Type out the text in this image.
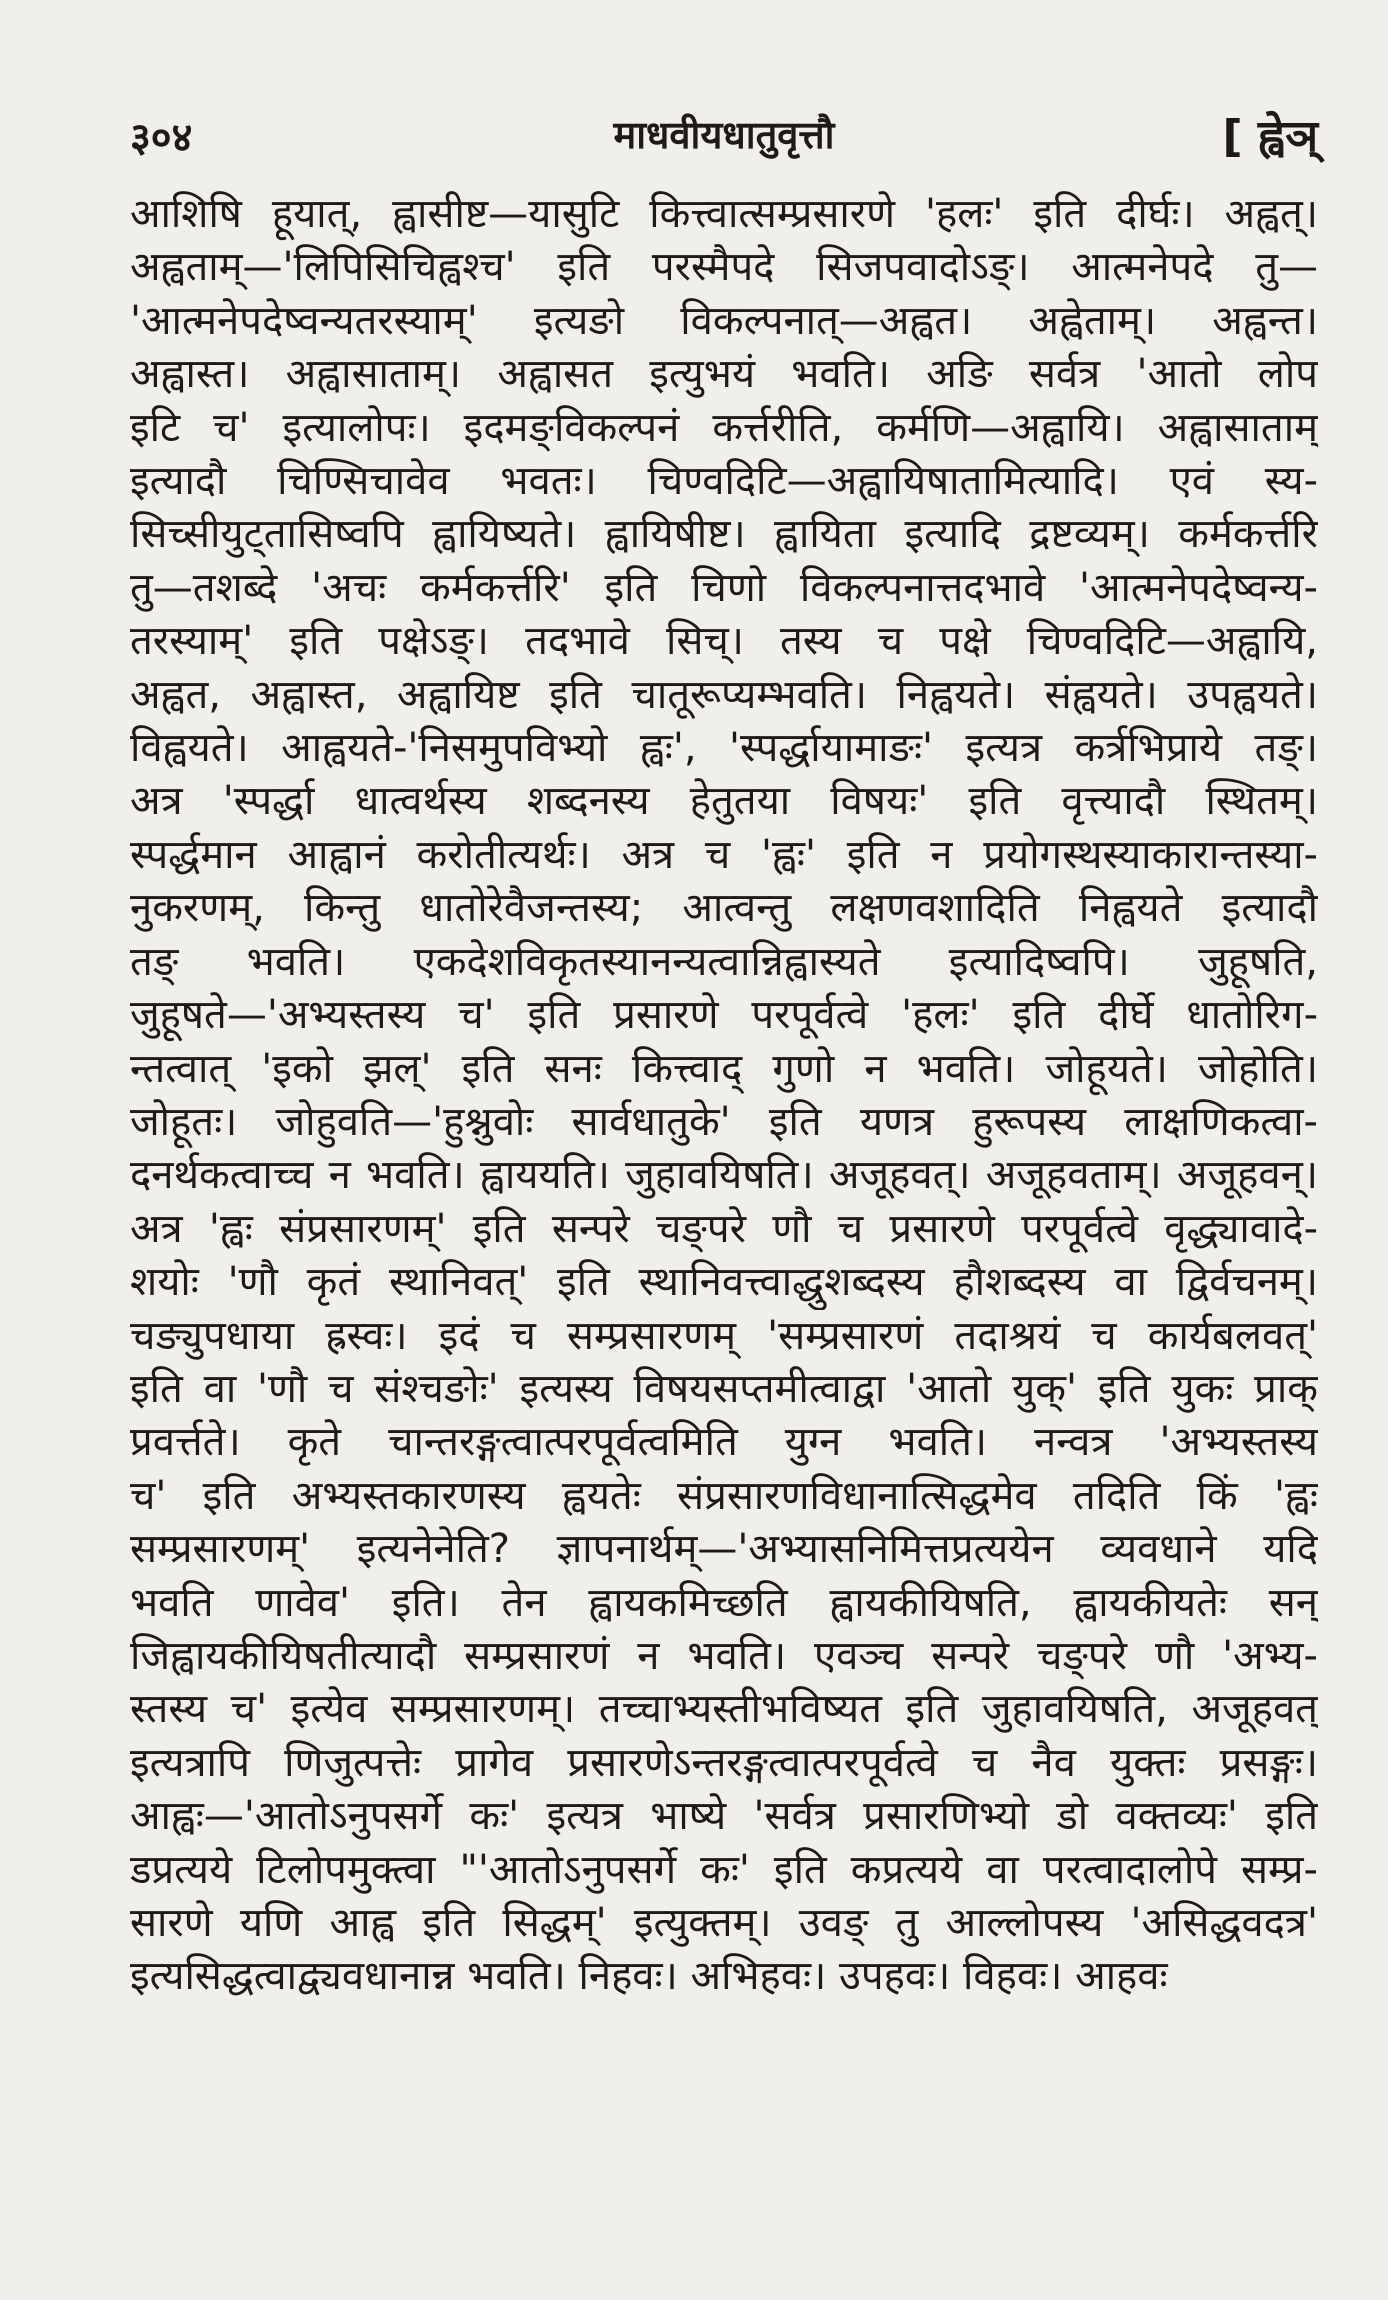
३०४	माधवीयधातुवृत्तौ	[ ह्वेञ्
आशिषि हूयात्, ह्वासीष्ट—यासुटि कित्त्वात्सम्प्रसारणे 'हलः' इति दीर्घः। अह्वत्।
अह्वताम्—'लिपिसिचिह्वश्च' इति परस्मैपदे सिजपवादोऽङ्। आत्मनेपदे तु—
'आत्मनेपदेष्वन्यतरस्याम्' इत्यङो विकल्पनात्—अह्वत। अह्वेताम्। अह्वन्त।
अह्वास्त। अह्वासाताम्। अह्वासत इत्युभयं भवति। अङि सर्वत्र 'आतो लोप
इटि च' इत्यालोपः। इदमङ्विकल्पनं कर्त्तरीति, कर्मणि—अह्वायि। अह्वासाताम्
इत्यादौ चिण्सिचावेव भवतः। चिण्वदिटि—अह्वायिषातामित्यादि। एवं स्य-
सिच्सीयुट्तासिष्वपि ह्वायिष्यते। ह्वायिषीष्ट। ह्वायिता इत्यादि द्रष्टव्यम्। कर्मकर्त्तरि
तु—तशब्दे 'अचः कर्मकर्त्तरि' इति चिणो विकल्पनात्तदभावे 'आत्मनेपदेष्वन्य-
तरस्याम्' इति पक्षेऽङ्। तदभावे सिच्। तस्य च पक्षे चिण्वदिटि—अह्वायि,
अह्वत, अह्वास्त, अह्वायिष्ट इति चातूरूप्यम्भवति। निह्वयते। संह्वयते। उपह्वयते।
विह्वयते। आह्वयते-'निसमुपविभ्यो ह्वः', 'स्पर्द्धायामाङः' इत्यत्र कर्त्रभिप्राये तङ्।
अत्र 'स्पर्द्धा धात्वर्थस्य शब्दनस्य हेतुतया विषयः' इति वृत्त्यादौ स्थितम्।
स्पर्द्धमान आह्वानं करोतीत्यर्थः। अत्र च 'ह्वः' इति न प्रयोगस्थस्याकारान्तस्या-
नुकरणम्, किन्तु धातोरेवैजन्तस्य; आत्वन्तु लक्षणवशादिति निह्वयते इत्यादौ
तङ् भवति। एकदेशविकृतस्यानन्यत्वान्निह्वास्यते इत्यादिष्वपि। जुहूषति,
जुहूषते—'अभ्यस्तस्य च' इति प्रसारणे परपूर्वत्वे 'हलः' इति दीर्घे धातोरिग-
न्तत्वात् 'इको झल्' इति सनः कित्त्वाद् गुणो न भवति। जोहूयते। जोहोति।
जोहूतः। जोहुवति—'हुश्नुवोः सार्वधातुके' इति यणत्र हुरूपस्य लाक्षणिकत्वा-
दनर्थकत्वाच्च न भवति। ह्वाययति। जुहावयिषति। अजूहवत्। अजूहवताम्। अजूहवन्।
अत्र 'ह्वः संप्रसारणम्' इति सन्परे चङ्परे णौ च प्रसारणे परपूर्वत्वे वृद्ध्यावादे-
शयोः 'णौ कृतं स्थानिवत्' इति स्थानिवत्त्वाद्धुशब्दस्य हौशब्दस्य वा द्विर्वचनम्।
चङ्युपधाया ह्रस्वः। इदं च सम्प्रसारणम् 'सम्प्रसारणं तदाश्रयं च कार्यबलवत्'
इति वा 'णौ च संश्चङोः' इत्यस्य विषयसप्तमीत्वाद्वा 'आतो युक्' इति युकः प्राक्
प्रवर्त्तते। कृते चान्तरङ्गत्वात्परपूर्वत्वमिति युग्न भवति। नन्वत्र 'अभ्यस्तस्य
च' इति अभ्यस्तकारणस्य ह्वयतेः संप्रसारणविधानात्सिद्धमेव तदिति किं 'ह्वः
सम्प्रसारणम्' इत्यनेनेति? ज्ञापनार्थम्—'अभ्यासनिमित्तप्रत्ययेन व्यवधाने यदि
भवति णावेव' इति। तेन ह्वायकमिच्छति ह्वायकीयिषति, ह्वायकीयतेः सन्
जिह्वायकीयिषतीत्यादौ सम्प्रसारणं न भवति। एवञ्च सन्परे चङ्परे णौ 'अभ्य-
स्तस्य च' इत्येव सम्प्रसारणम्। तच्चाभ्यस्तीभविष्यत इति जुहावयिषति, अजूहवत्
इत्यत्रापि णिजुत्पत्तेः प्रागेव प्रसारणेऽन्तरङ्गत्वात्परपूर्वत्वे च नैव युक्तः प्रसङ्गः।
आह्वः—'आतोऽनुपसर्गे कः' इत्यत्र भाष्ये 'सर्वत्र प्रसारणिभ्यो डो वक्तव्यः' इति
डप्रत्यये टिलोपमुक्त्वा "'आतोऽनुपसर्गे कः' इति कप्रत्यये वा परत्वादालोपे सम्प्र-
सारणे यणि आह्व इति सिद्धम्' इत्युक्तम्। उवङ् तु आल्लोपस्य 'असिद्धवदत्र'
इत्यसिद्धत्वाद्व्यवधानान्न भवति। निहवः। अभिहवः। उपहवः। विहवः। आहवः
